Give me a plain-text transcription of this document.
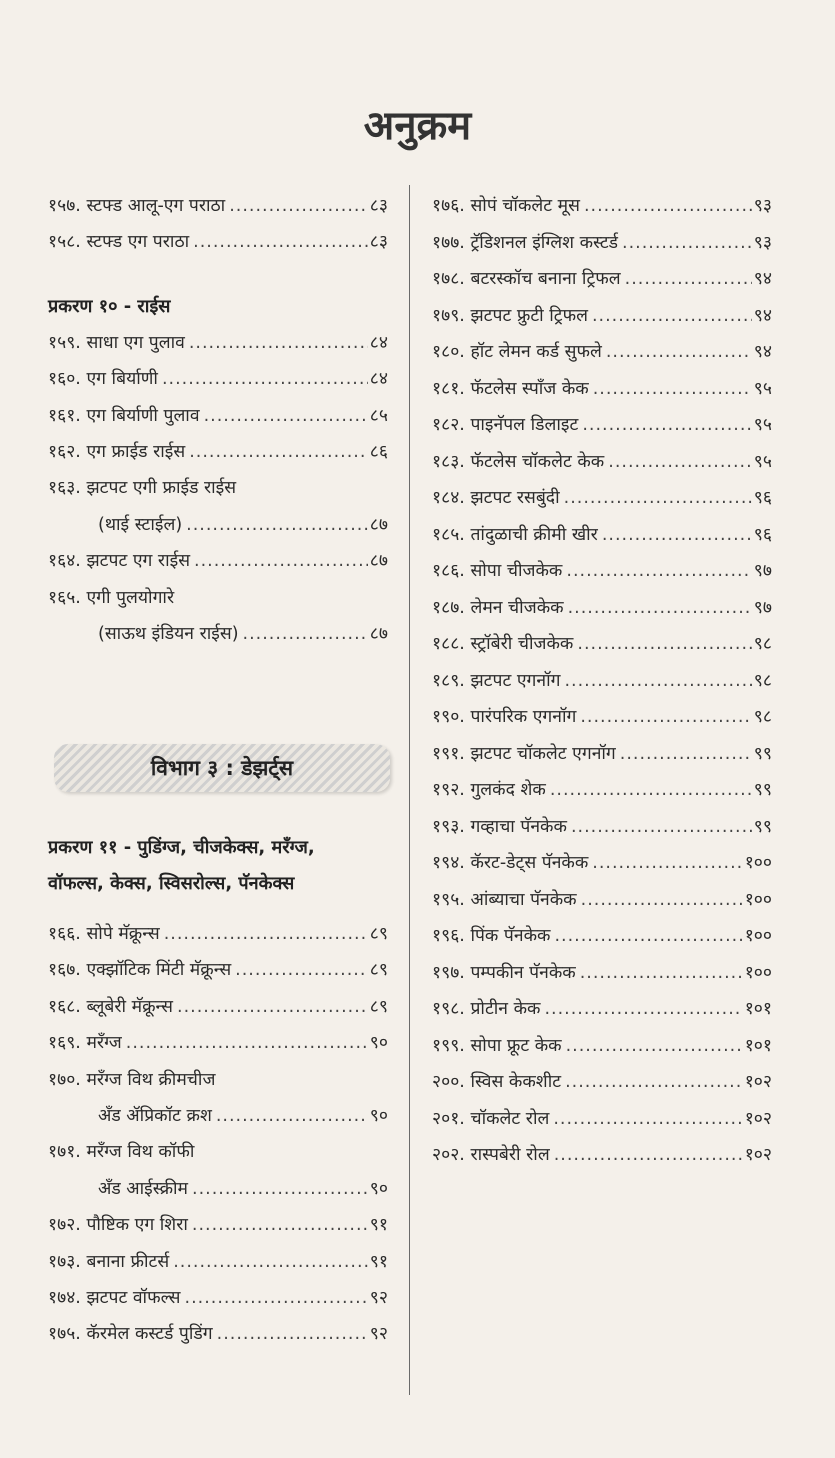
अनुक्रम
१५७.
स्टफ्ड आलू-एग पराठा .....	८३
१५८.
स्टफ्ड एग पराठा .....	८३
प्रकरण १० - राईस
१५९.
साधा एग पुलाव .....	८४
१६०.
एग बिर्याणी .....	८४
१६१.
एग बिर्याणी पुलाव .....	८५
१६२.
एग फ्राईड राईस .....	८६
१६३.
झटपट एगी फ्राईड राईस
(थाई स्टाईल) .....	८७
१६४.
झटपट एग राईस .....	८७
१६५.
एगी पुलयोगारे
(साऊथ इंडियन राईस) .....	८७
विभाग ३ : डेझर्ट्स
प्रकरण ११ - पुडिंग्ज, चीजकेक्स, मरँग्ज,
वॉफल्स, केक्स, स्विसरोल्स, पॅनकेक्स
१६६.
सोपे मॅक्रून्स .....	८९
१६७.
एक्झॉटिक मिंटी मॅक्रून्स .....	८९
१६८.
ब्लूबेरी मॅक्रून्स .....	८९
१६९.
मरँग्ज .....	९०
१७०.
मरँग्ज विथ क्रीमचीज
अँड ॲप्रिकॉट क्रश .....	९०
१७१.
मरँग्ज विथ कॉफी
अँड आईस्क्रीम .....	९०
१७२.
पौष्टिक एग शिरा .....	९१
१७३.
बनाना फ्रीटर्स .....	९१
१७४.
झटपट वॉफल्स .....	९२
१७५.
कॅरमेल कस्टर्ड पुडिंग .....	९२
१७६.
सोपं चॉकलेट मूस .....	९३
१७७.
ट्रॅडिशनल इंग्लिश कस्टर्ड .....	९३
१७८.
बटरस्कॉच बनाना ट्रिफल .....	९४
१७९.
झटपट फ्रुटी ट्रिफल .....	९४
१८०.
हॉट लेमन कर्ड सुफले .....	९४
१८१.
फॅटलेस स्पाँज केक .....	९५
१८२.
पाइनॅपल डिलाइट .....	९५
१८३.
फॅटलेस चॉकलेट केक .....	९५
१८४.
झटपट रसबुंदी .....	९६
१८५.
तांदुळाची क्रीमी खीर .....	९६
१८६.
सोपा चीजकेक .....	९७
१८७.
लेमन चीजकेक .....	९७
१८८.
स्ट्रॉबेरी चीजकेक .....	९८
१८९.
झटपट एगनॉग .....	९८
१९०.
पारंपरिक एगनॉग .....	९८
१९१.
झटपट चॉकलेट एगनॉग .....	९९
१९२.
गुलकंद शेक .....	९९
१९३.
गव्हाचा पॅनकेक .....	९९
१९४.
कॅरट-डेट्स पॅनकेक .....	१००
१९५.
आंब्याचा पॅनकेक .....	१००
१९६.
पिंक पॅनकेक .....	१००
१९७.
पम्पकीन पॅनकेक .....	१००
१९८.
प्रोटीन केक .....	१०१
१९९.
सोपा फ्रूट केक .....	१०१
२००.
स्विस केकशीट .....	१०२
२०१.
चॉकलेट रोल .....	१०२
२०२.
रास्पबेरी रोल .....	१०२
